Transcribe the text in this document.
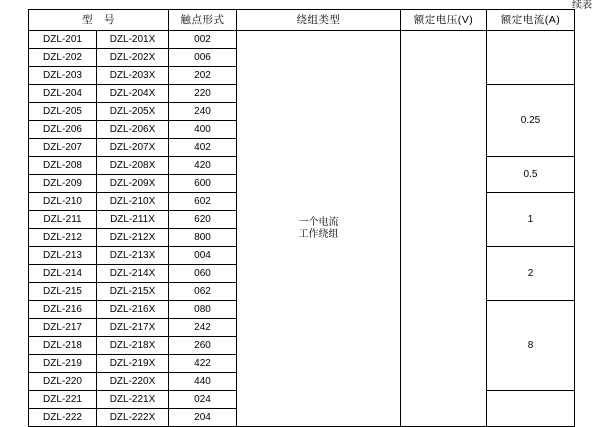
续表
型　号		触点形式	绕组类型	额定电压(V)	额定电流(A)
DZL-201	DZL-201X	002	一个电流
工作绕组		

DZL-202	DZL-202X	006			
DZL-203	DZL-203X	202			
DZL-204	DZL-204X	220			0.25
DZL-205	DZL-205X	240			
DZL-206	DZL-206X	400			
DZL-207	DZL-207X	402			
DZL-208	DZL-208X	420			0.5
DZL-209	DZL-209X	600			
DZL-210	DZL-210X	602			1
DZL-211	DZL-211X	620			
DZL-212	DZL-212X	800			
DZL-213	DZL-213X	004			2
DZL-214	DZL-214X	060			
DZL-215	DZL-215X	062			
DZL-216	DZL-216X	080			8
DZL-217	DZL-217X	242			
DZL-218	DZL-218X	260			
DZL-219	DZL-219X	422			
DZL-220	DZL-220X	440			
DZL-221	DZL-221X	024			
DZL-222	DZL-222X	204			
